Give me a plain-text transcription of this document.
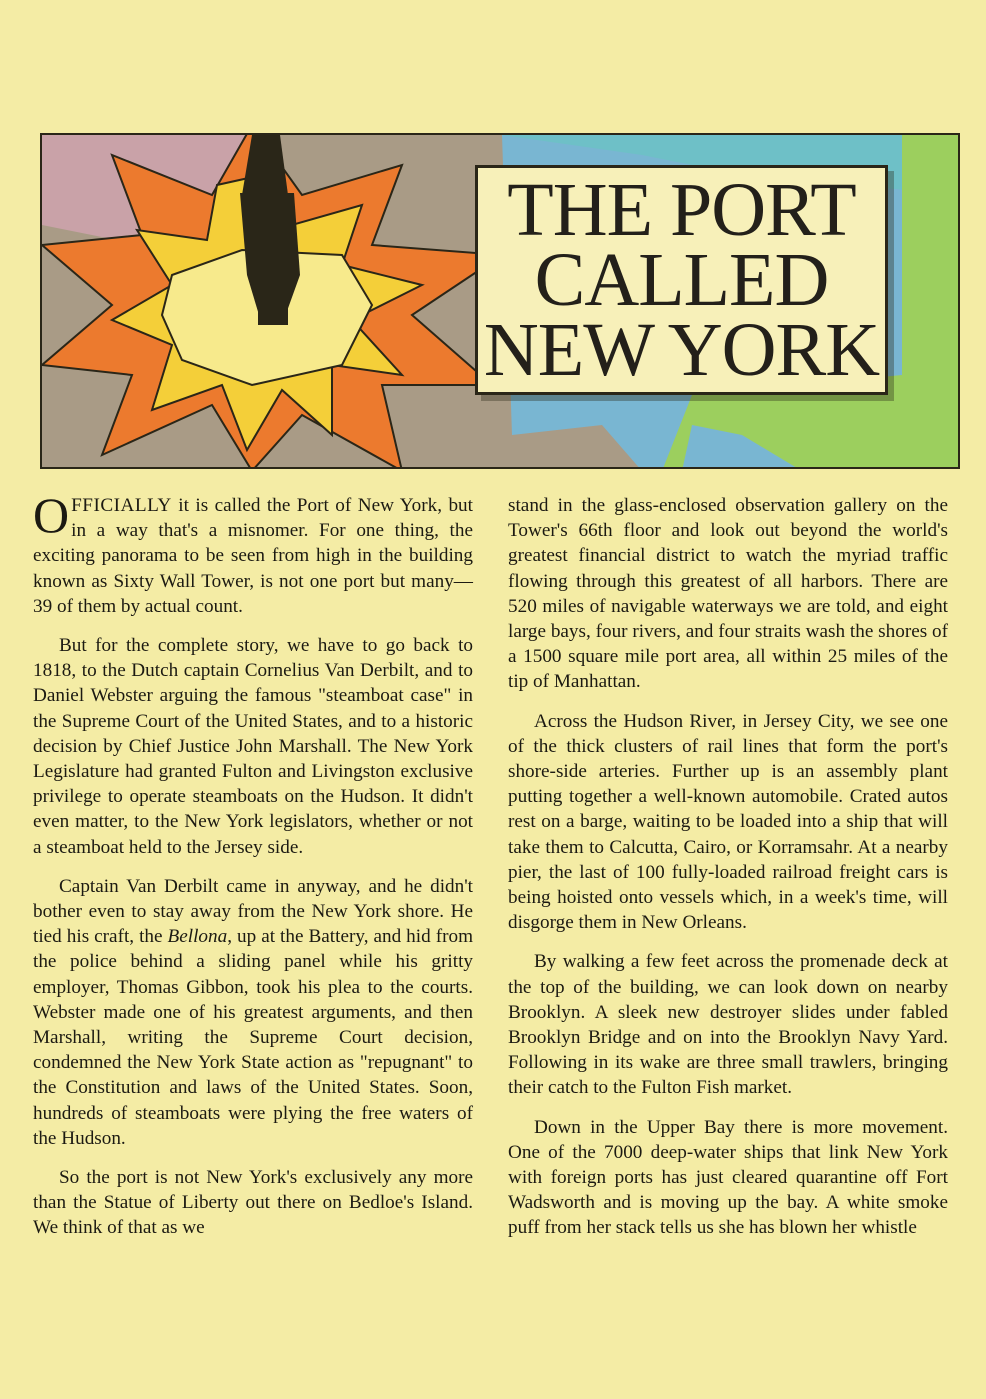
THE PORT
CALLED
NEW YORK

OFFICIALLY it is called the Port of New York, but in a way that's a misnomer. For one thing, the exciting panorama to be seen from high in the building known as Sixty Wall Tower, is not one port but many—39 of them by actual count.

But for the complete story, we have to go back to 1818, to the Dutch captain Cornelius Van Derbilt, and to Daniel Webster arguing the famous "steamboat case" in the Supreme Court of the United States, and to a historic decision by Chief Justice John Marshall. The New York Legislature had granted Fulton and Livingston exclusive privilege to operate steamboats on the Hudson. It didn't even matter, to the New York legislators, whether or not a steamboat held to the Jersey side.

Captain Van Derbilt came in anyway, and he didn't bother even to stay away from the New York shore. He tied his craft, the Bellona, up at the Battery, and hid from the police behind a sliding panel while his gritty employer, Thomas Gibbon, took his plea to the courts. Webster made one of his greatest arguments, and then Marshall, writing the Supreme Court decision, condemned the New York State action as "repugnant" to the Constitution and laws of the United States. Soon, hundreds of steamboats were plying the free waters of the Hudson.

So the port is not New York's exclusively any more than the Statue of Liberty out there on Bedloe's Island. We think of that as we

stand in the glass-enclosed observation gallery on the Tower's 66th floor and look out beyond the world's greatest financial district to watch the myriad traffic flowing through this greatest of all harbors. There are 520 miles of navigable waterways we are told, and eight large bays, four rivers, and four straits wash the shores of a 1500 square mile port area, all within 25 miles of the tip of Manhattan.

Across the Hudson River, in Jersey City, we see one of the thick clusters of rail lines that form the port's shore-side arteries. Further up is an assembly plant putting together a well-known automobile. Crated autos rest on a barge, waiting to be loaded into a ship that will take them to Calcutta, Cairo, or Korramsahr. At a nearby pier, the last of 100 fully-loaded railroad freight cars is being hoisted onto vessels which, in a week's time, will disgorge them in New Orleans.

By walking a few feet across the promenade deck at the top of the building, we can look down on nearby Brooklyn. A sleek new destroyer slides under fabled Brooklyn Bridge and on into the Brooklyn Navy Yard. Following in its wake are three small trawlers, bringing their catch to the Fulton Fish market.

Down in the Upper Bay there is more movement. One of the 7000 deep-water ships that link New York with foreign ports has just cleared quarantine off Fort Wadsworth and is moving up the bay. A white smoke puff from her stack tells us she has blown her whistle
